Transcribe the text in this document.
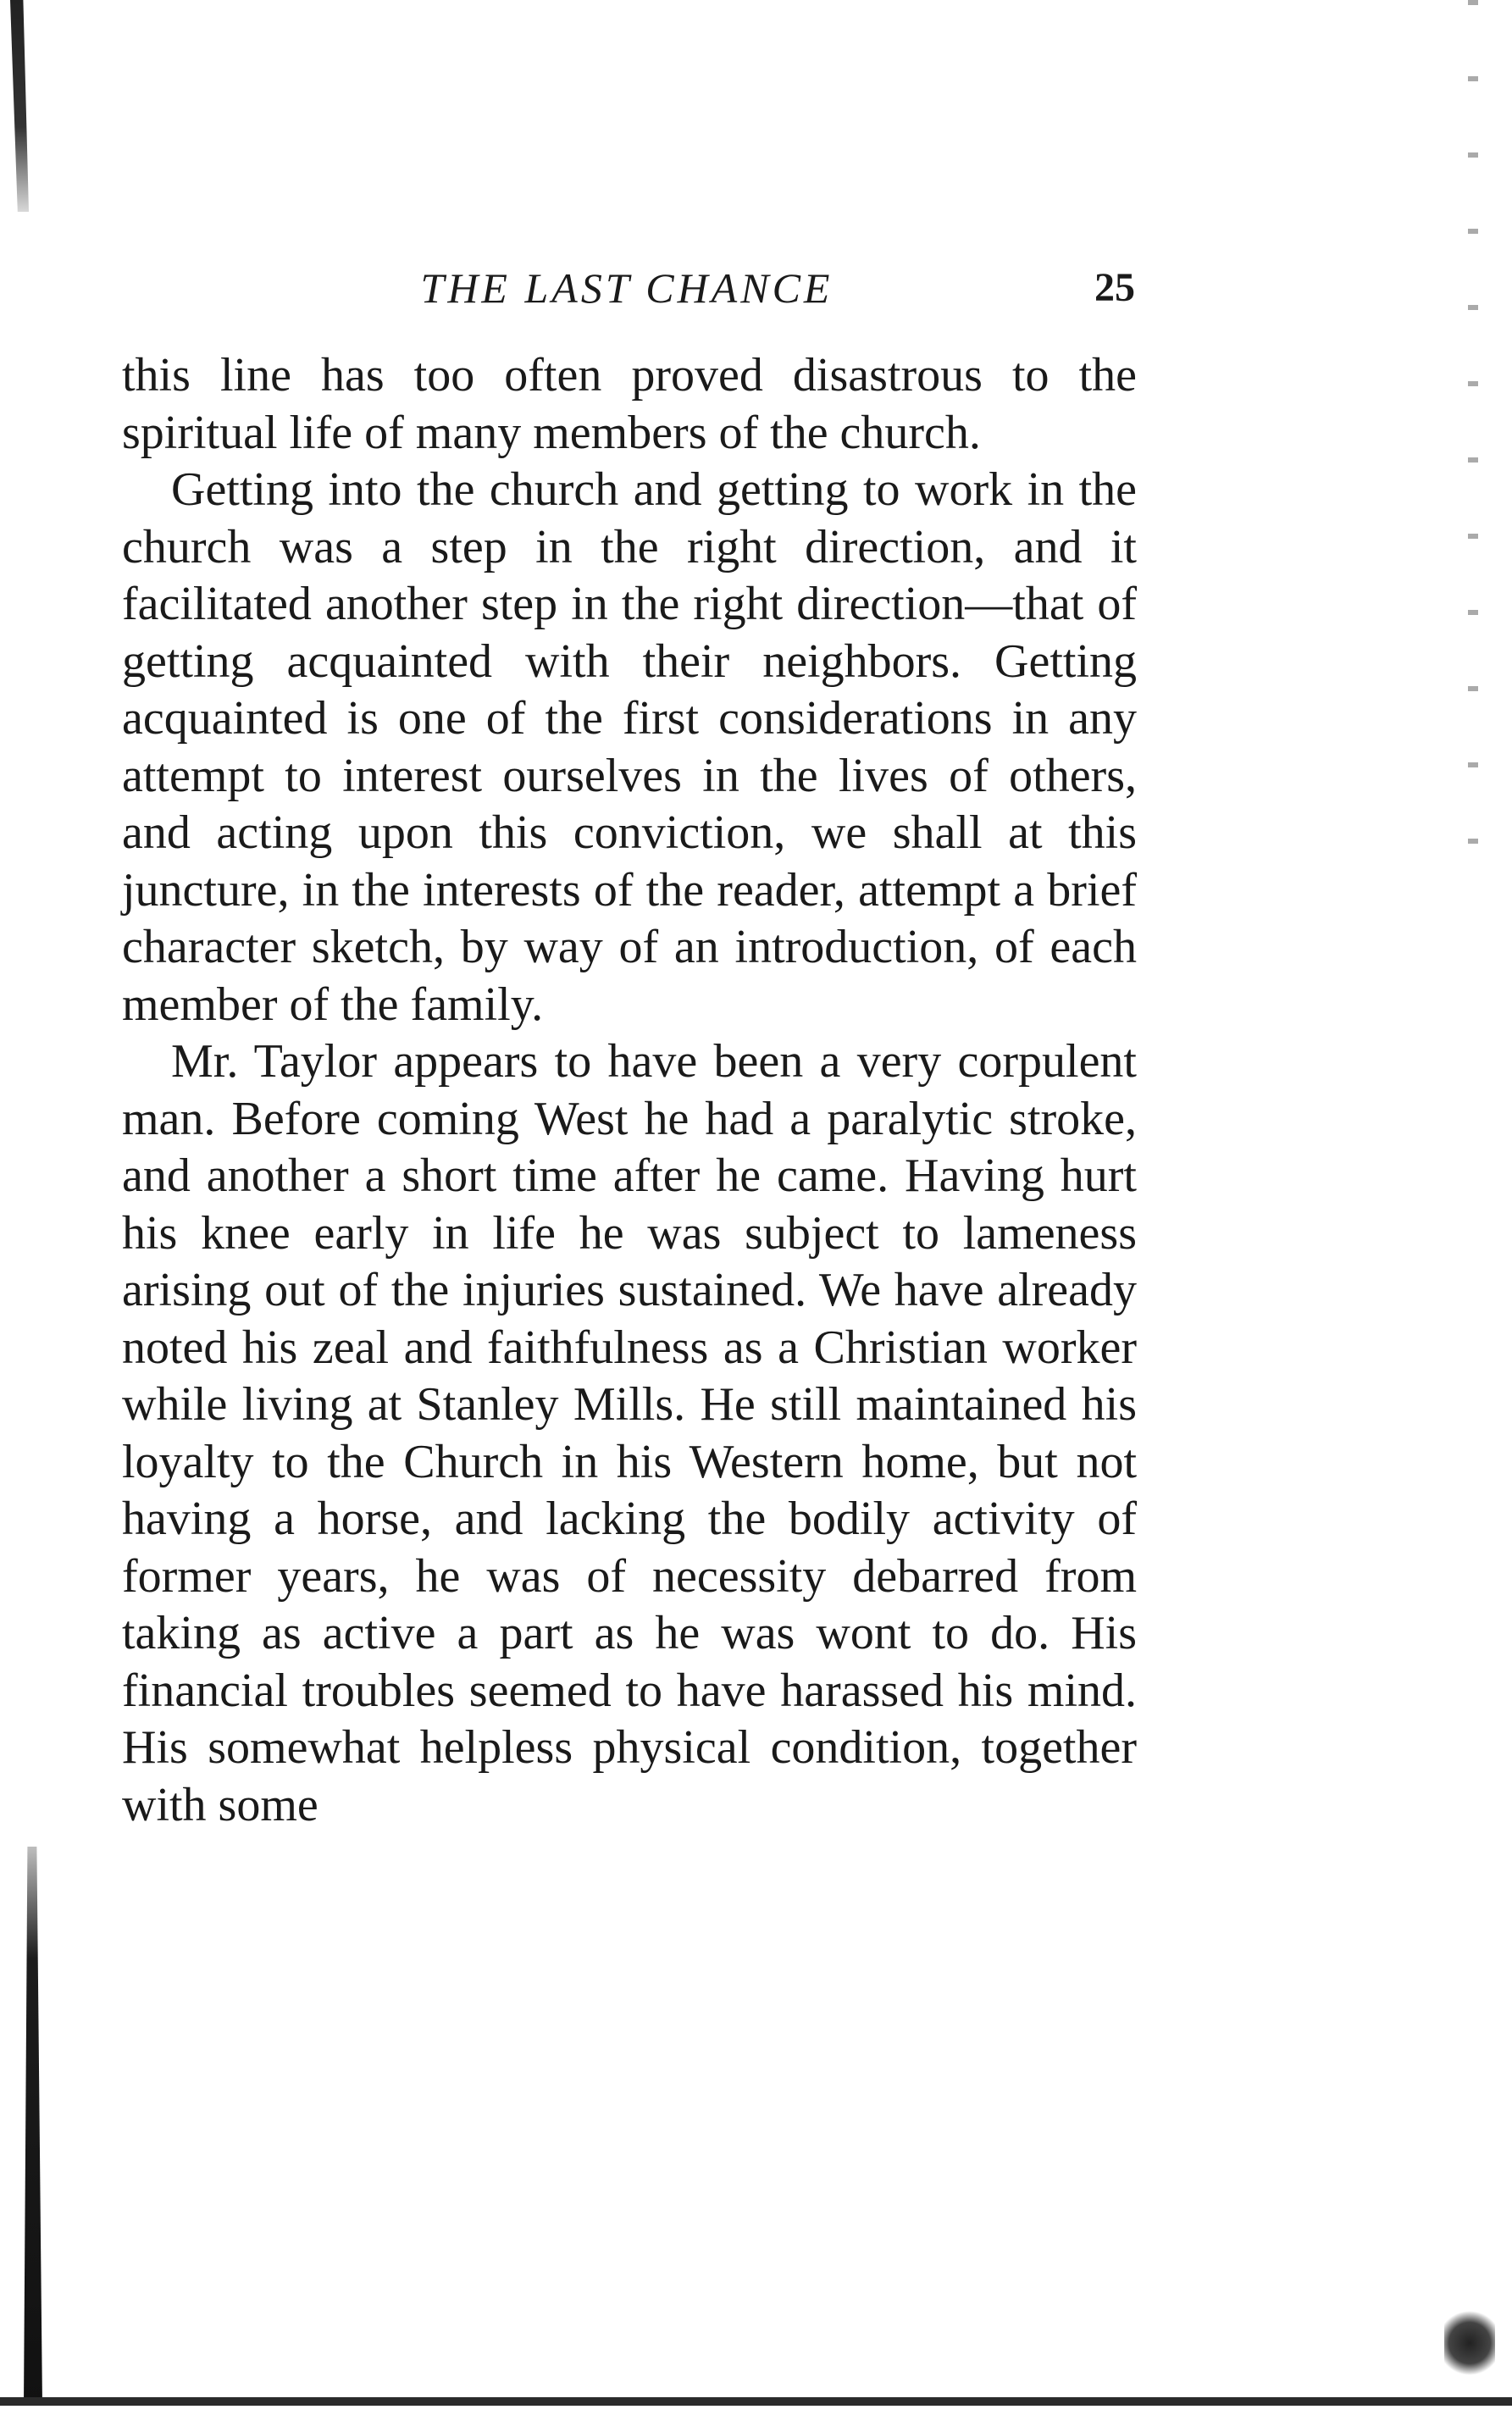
THE LAST CHANCE	25

this line has too often proved disastrous to the spiritual life of many members of the church.

Getting into the church and getting to work in the church was a step in the right direction, and it facilitated another step in the right direction—that of getting acquainted with their neighbors. Getting acquainted is one of the first considerations in any attempt to interest ourselves in the lives of others, and acting upon this conviction, we shall at this juncture, in the interests of the reader, attempt a brief character sketch, by way of an introduction, of each member of the family.

Mr. Taylor appears to have been a very corpulent man. Before coming West he had a paralytic stroke, and another a short time after he came. Having hurt his knee early in life he was subject to lameness arising out of the injuries sustained. We have already noted his zeal and faithfulness as a Christian worker while living at Stanley Mills. He still maintained his loyalty to the Church in his Western home, but not having a horse, and lacking the bodily activity of former years, he was of necessity debarred from taking as active a part as he was wont to do. His financial troubles seemed to have harassed his mind. His somewhat helpless physical condition, together with some
